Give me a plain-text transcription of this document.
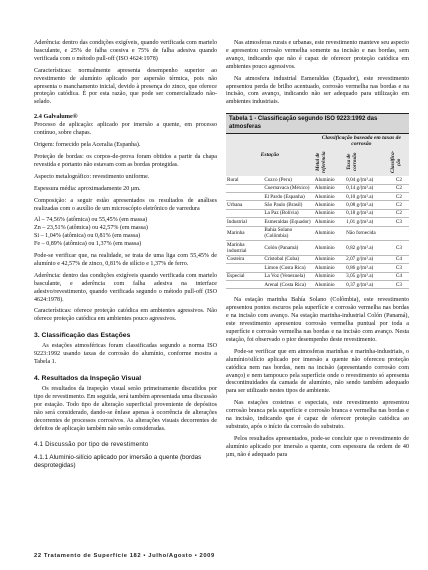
Aderência: dentro das condições exigíveis, quando verificada com martelo basculante, e 25% de falha coesiva e 75% de falha adesiva quando verificada com o método pull-off (ISO 4624:1978)

Características: normalmente apresenta desempenho superior ao revestimento de alumínio aplicado por aspersão térmica, pois não apresenta o manchamento inicial, devido à presença do zinco, que oferece proteção catódica. É por esta razão, que pode ser comercializado não-selado.

2.4 Galvalume®

Processo de aplicação: aplicado por imersão a quente, em processo contínuo, sobre chapas.

Origem: fornecido pela Aceralia (Espanha).

Proteção de bordas: os corpos-de-prova foram obtidos a partir da chapa revestida e portanto não estavam com as bordas protegidas.

Aspecto metalográfico: revestimento uniforme.

Espessura média: aproximadamente 20 µm.

Composição: a seguir estão apresentados os resultados de análises realizadas com o auxílio de um microscópio eletrônico de varredura

Al – 74,56% (atômica) ou 55,45% (em massa)

Zn – 23,51% (atômica) ou 42,57% (em massa)

Si – 1,04% (atômica) ou 0,81% (em massa)

Fe – 0,89% (atômica) ou 1,37% (em massa)

Pode-se verificar que, na realidade, se trata de uma liga com 55,45% de alumínio e 42,57% de zinco, 0,81% de silício e 1,37% de ferro.

Aderência: dentro das condições exigíveis quando verificada com martelo basculante, e aderência com falha adesiva na interface adesivo/revestimento, quando verificada segundo o método pull-off (ISO 4624:1978).

Características: oferece proteção catódica em ambientes agressivos. Não oferece proteção catódica em ambientes pouco agressivos.

3. Classificação das Estações

As estações atmosféricas foram classificadas segundo a norma ISO 9223:1992 usando taxas de corrosão do alumínio, conforme mostra a Tabela 1.

4. Resultados da Inspeção Visual

Os resultados da inspeção visual serão primeiramente discutidos por tipo de revestimento. Em seguida, será também apresentada uma discussão por estação. Todo tipo de alteração superficial proveniente de depósitos não será considerado, dando-se ênfase apenas à ocorrência de alterações decorrentes de processos corrosivos. As alterações visuais decorrentes de defeitos de aplicação também não serão consideradas.

4.1 Discussão por tipo de revestimento
4.1.1 Alumínio-silício aplicado por imersão a quente (bordas desprotegidas)

Nas atmosferas rurais e urbanas, este revestimento manteve seu aspecto e apresentou corrosão vermelha somente na incisão e nas bordas, sem avanço, indicando que não é capaz de oferecer proteção catódica em ambientes pouco agressivos.

Na atmosfera industrial Esmeraldas (Equador), este revestimento apresentou perda de brilho acentuado, corrosão vermelha nas bordas e na incisão, com avanço, indicando não ser adequado para utilização em ambientes industriais.

Tabela 1 - Classificação segundo ISO 9223:1992 das atmosferas
Estação		Classificação baseada em taxas de corrosão		

		Metal de referência	Taxa de corrosão	Classifica- ção

Rural	Cuzco (Peru)	Alumínio	0,04 g/(m².a)	C2
	Cuernavaca (México)	Alumínio	0,14 g/(m².a)	C2
	El Pardo (Espanha)	Alumínio	0,10 g/(m².a)	C2
Urbana	São Paulo (Brasil)	Alumínio	0,08 g/(m².a)	C2
	La Paz (Bolívia)	Alumínio	0,18 g/(m².a)	C2
Industrial	Esmeraldas (Equador)	Alumínio	1,01 g/(m².a)	C3
Marinha	Bahía Solano (Colômbia)	Alumínio	Não fornecida	
Marinha industrial	Colón (Panamá)	Alumínio	0,82 g/(m².a)	C3
Costeira	Cristobal (Cuba)	Alumínio	2,07 g/(m².a)	C4
	Limon (Costa Rica)	Alumínio	0,86 g/(m².a)	C3
Especial	La Voz (Venezuela)	Alumínio	3,05 g/(m².a)	C4
	Arenal (Costa Rica)	Alumínio	0,37 g/(m².a)	C3

Na estação marinha Bahía Solano (Colômbia), este revestimento apresentou pontos escuros pela superfície e corrosão vermelha nas bordas e na incisão com avanço. Na estação marinha-industrial Colón (Panamá), este revestimento apresentou corrosão vermelha puntual por toda a superfície e corrosão vermelha nas bordas e na incisão com avanço. Nesta estação, foi observado o pior desempenho deste revestimento.

Pode-se verificar que em atmosferas marinhas e marinha-industriais, o alumínio/silício aplicado por imersão a quente não ofereceu proteção catódica nem nas bordas, nem na incisão (apresentando corrosão com avanço) e nem tampouco pela superfície onde o revestimento só apresenta descontinuidades da camada de alumínio, não sendo também adequado para ser utilizado nestes tipos de ambiente.

Nas estações costeiras e especiais, este revestimento apresentou corrosão branca pela superfície e corrosão branca e vermelha nas bordas e na incisão, indicando que é capaz de oferecer proteção catódica ao substrato, após o início da corrosão do substrato.

Pelos resultados apresentados, pode-se concluir que o revestimento de alumínio aplicado por imersão a quente, com espessura da ordem de 40 µm, não é adequado para

22 Tratamento de Superfície 182 • Julho/Agosto • 2009
